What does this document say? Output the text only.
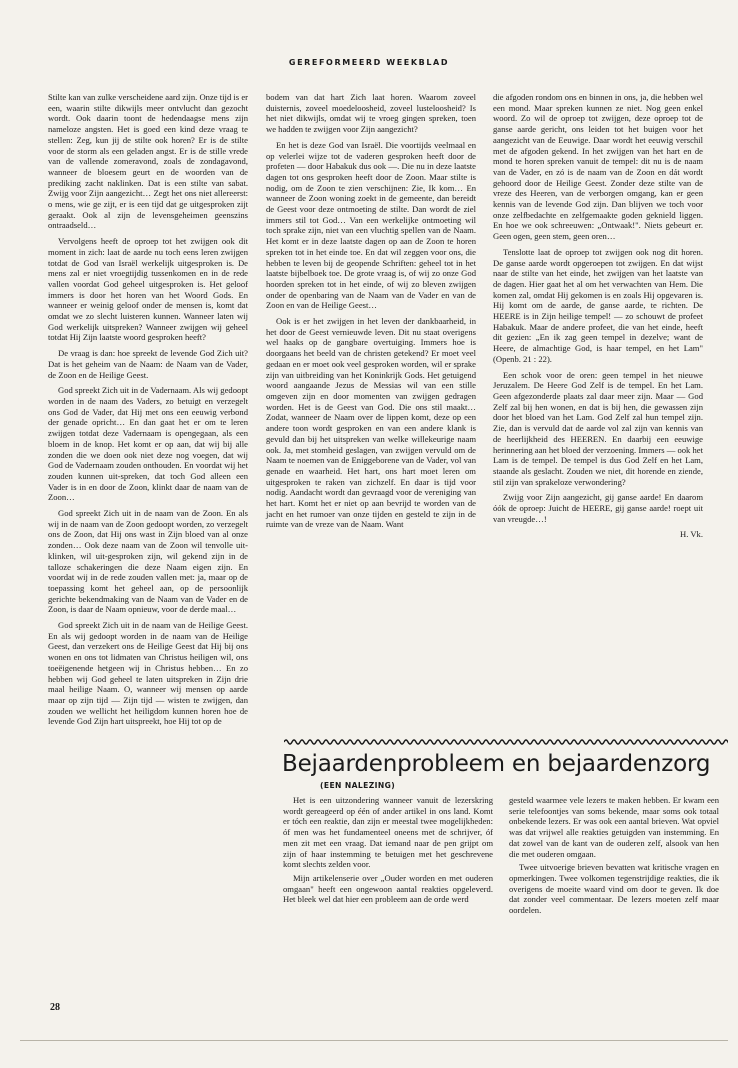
GEREFORMEERD WEEKBLAD

Stilte kan van zulke verscheidene aard zijn. Onze tijd is er een, waarin stilte dikwijls meer ontvlucht dan gezocht wordt. Ook daarin toont de hedendaagse mens zijn nameloze angsten. Het is goed een kind deze vraag te stellen: Zeg, kun jij de stilte ook horen? Er is de stilte voor de storm als een geladen angst. Er is de stille vrede van de vallende zomeravond, zoals de zondagavond, wanneer de bloesem geurt en de woorden van de prediking zacht naklinken. Dat is een stilte van sabat. Zwijg voor Zijn aangezicht… Zegt het ons niet allereerst: o mens, wie ge zijt, er is een tijd dat ge uitgesproken zijt geraakt. Ook al zijn de levensgeheimen geenszins ontraadseld…

Vervolgens heeft de oproep tot het zwijgen ook dit moment in zich: laat de aarde nu toch eens leren zwijgen totdat de God van Israël werkelijk uitgesproken is. De mens zal er niet vroegtijdig tussenkomen en in de rede vallen voordat God geheel uitgesproken is. Het geloof immers is door het horen van het Woord Gods. En wanneer er weinig geloof onder de mensen is, komt dat omdat we zo slecht luisteren kunnen. Wanneer laten wij God werkelijk uitspreken? Wanneer zwijgen wij geheel totdat Hij Zijn laatste woord gesproken heeft?

De vraag is dan: hoe spreekt de levende God Zich uit? Dat is het geheim van de Naam: de Naam van de Vader, de Zoon en de Heilige Geest.

God spreekt Zich uit in de Vadernaam. Als wij gedoopt worden in de naam des Vaders, zo betuigt en verzegelt ons God de Vader, dat Hij met ons een eeuwig verbond der genade opricht… En dan gaat het er om te leren zwijgen totdat deze Vadernaam is opengegaan, als een bloem in de knop. Het komt er op aan, dat wij bij alle zonden die we doen ook niet deze nog voegen, dat wij God de Vadernaam zouden onthouden. En voordat wij het zouden kunnen uit-spreken, dat toch God alleen een Vader is in en door de Zoon, klinkt daar de naam van de Zoon…

God spreekt Zich uit in de naam van de Zoon. En als wij in de naam van de Zoon gedoopt worden, zo verzegelt ons de Zoon, dat Hij ons wast in Zijn bloed van al onze zonden… Ook deze naam van de Zoon wil tenvolle uit-klinken, wil uit-gesproken zijn, wil gekend zijn in de talloze schakeringen die deze Naam eigen zijn. En voordat wij in de rede zouden vallen met: ja, maar op de toepassing komt het geheel aan, op de persoonlijk gerichte bekendmaking van de Naam van de Vader en de Zoon, is daar de Naam opnieuw, voor de derde maal…

God spreekt Zich uit in de naam van de Heilige Geest. En als wij gedoopt worden in de naam van de Heilige Geest, dan verzekert ons de Heilige Geest dat Hij bij ons wonen en ons tot lidmaten van Christus heiligen wil, ons toeëigenende hetgeen wij in Christus hebben… En zo hebben wij God geheel te laten uitspreken in Zijn drie maal heilige Naam. O, wanneer wij mensen op aarde maar op zijn tijd — Zijn tijd — wisten te zwijgen, dan zouden we wellicht het heiligdom kunnen horen hoe de levende God Zijn hart uitspreekt, hoe Hij tot op de

bodem van dat hart Zich laat horen. Waarom zoveel duisternis, zoveel moedeloosheid, zoveel lusteloosheid? Is het niet dikwijls, omdat wij te vroeg gingen spreken, toen we hadden te zwijgen voor Zijn aangezicht?

En het is deze God van Israël. Die voortijds veelmaal en op velerlei wijze tot de vaderen gesproken heeft door de profeten — door Habakuk dus ook —. Die nu in deze laatste dagen tot ons gesproken heeft door de Zoon. Maar stilte is nodig, om de Zoon te zien verschijnen: Zie, Ik kom… En wanneer de Zoon woning zoekt in de gemeente, dan bereidt de Geest voor deze ontmoeting de stilte. Dan wordt de ziel immers stil tot God… Van een werkelijke ontmoeting wil toch sprake zijn, niet van een vluchtig spellen van de Naam. Het komt er in deze laatste dagen op aan de Zoon te horen spreken tot in het einde toe. En dat wil zeggen voor ons, die hebben te leven bij de geopende Schriften: geheel tot in het laatste bijbelboek toe. De grote vraag is, of wij zo onze God hoorden spreken tot in het einde, of wij zo bleven zwijgen onder de openbaring van de Naam van de Vader en van de Zoon en van de Heilige Geest…

Ook is er het zwijgen in het leven der dankbaarheid, in het door de Geest vernieuwde leven. Dit nu staat overigens wel haaks op de gangbare overtuiging. Immers hoe is doorgaans het beeld van de christen getekend? Er moet veel gedaan en er moet ook veel gesproken worden, wil er sprake zijn van uitbreiding van het Koninkrijk Gods. Het getuigend woord aangaande Jezus de Messias wil van een stille omgeven zijn en door momenten van zwijgen gedragen worden. Het is de Geest van God. Die ons stil maakt… Zodat, wanneer de Naam over de lippen komt, deze op een andere toon wordt gesproken en van een andere klank is gevuld dan bij het uitspreken van welke willekeurige naam ook. Ja, met stomheid geslagen, van zwijgen vervuld om de Naam te noemen van de Eniggeborene van de Vader, vol van genade en waarheid. Het hart, ons hart moet leren om uitgesproken te raken van zichzelf. En daar is tijd voor nodig. Aandacht wordt dan gevraagd voor de vereniging van het hart. Komt het er niet op aan bevrijd te worden van de jacht en het rumoer van onze tijden en gesteld te zijn in de ruimte van de vreze van de Naam. Want

die afgoden rondom ons en binnen in ons, ja, die hebben wel een mond. Maar spreken kunnen ze niet. Nog geen enkel woord. Zo wil de oproep tot zwijgen, deze oproep tot de ganse aarde gericht, ons leiden tot het buigen voor het aangezicht van de Eeuwige. Daar wordt het eeuwig verschil met de afgoden gekend. In het zwijgen van het hart en de mond te horen spreken vanuit de tempel: dit nu is de naam van de Vader, en zó is de naam van de Zoon en dát wordt gehoord door de Heilige Geest. Zonder deze stilte van de vreze des Heeren, van de verborgen omgang, kan er geen kennis van de levende God zijn. Dan blijven we toch voor onze zelfbedachte en zelfgemaakte goden geknield liggen. En hoe we ook schreeuwen: „Ontwaak!". Niets gebeurt er. Geen ogen, geen stem, geen oren…

Tenslotte laat de oproep tot zwijgen ook nog dit horen. De ganse aarde wordt opgeroepen tot zwijgen. En dat wijst naar de stilte van het einde, het zwijgen van het laatste van de dagen. Hier gaat het al om het verwachten van Hem. Die komen zal, omdat Hij gekomen is en zoals Hij opgevaren is. Hij komt om de aarde, de ganse aarde, te richten. De HEERE is in Zijn heilige tempel! — zo schouwt de profeet Habakuk. Maar de andere profeet, die van het einde, heeft dit gezien: „En ik zag geen tempel in dezelve; want de Heere, de almachtige God, is haar tempel, en het Lam" (Openb. 21 : 22).

Een schok voor de oren: geen tempel in het nieuwe Jeruzalem. De Heere God Zelf is de tempel. En het Lam. Geen afgezonderde plaats zal daar meer zijn. Maar — God Zelf zal bij hen wonen, en dat is bij hen, die gewassen zijn door het bloed van het Lam. God Zelf zal hun tempel zijn. Zie, dan is vervuld dat de aarde vol zal zijn van kennis van de heerlijkheid des HEEREN. En daarbij een eeuwige herinnering aan het bloed der verzoening. Immers — ook het Lam is de tempel. De tempel is dus God Zelf en het Lam, staande als geslacht. Zouden we niet, dit horende en ziende, stil zijn van sprakeloze verwondering?

Zwijg voor Zijn aangezicht, gij ganse aarde! En daarom óók de oproep: Juicht de HEERE, gij ganse aarde! roept uit van vreugde…!

H. Vk.
Bejaardenprobleem en bejaardenzorg
(EEN NALEZING)

Het is een uitzondering wanneer vanuit de lezerskring wordt gereageerd op één of ander artikel in ons land. Komt er tóch een reaktie, dan zijn er meestal twee mogelijkheden: óf men was het fundamenteel oneens met de schrijver, óf men zit met een vraag. Dat iemand naar de pen grijpt om zijn of haar instemming te betuigen met het geschrevene komt slechts zelden voor.

Mijn artikelenserie over „Ouder worden en met ouderen omgaan" heeft een ongewoon aantal reakties opgeleverd. Het bleek wel dat hier een probleem aan de orde werd

gesteld waarmee vele lezers te maken hebben. Er kwam een serie telefoontjes van soms bekende, maar soms ook totaal onbekende lezers. Er was ook een aantal brieven. Wat opviel was dat vrijwel alle reakties getuigden van instemming. En dat zowel van de kant van de ouderen zelf, alsook van hen die met ouderen omgaan.

Twee uitvoerige brieven bevatten wat kritische vragen en opmerkingen. Twee volkomen tegenstrijdige reakties, die ik overigens de moeite waard vind om door te geven. Ik doe dat zonder veel commentaar. De lezers moeten zelf maar oordelen.

28
